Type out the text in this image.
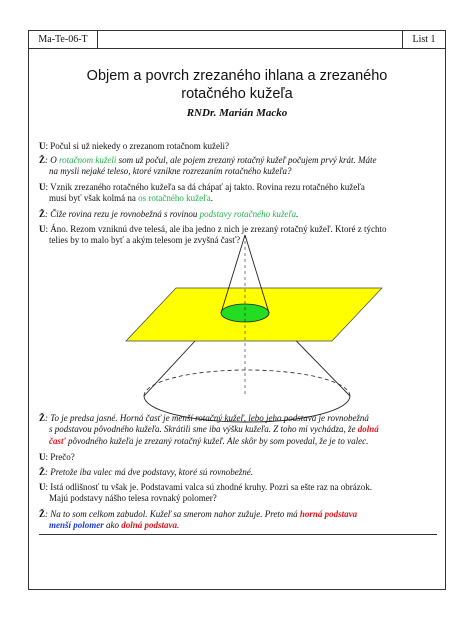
Ma-Te-06-T	List 1
Objem a povrch zrezaného ihlana a zrezaného
rotačného kužeľa
RNDr. Marián Macko
U: Počul si už niekedy o zrezanom rotačnom kuželi?
Ž: O rotačnom kuželi som už počul, ale pojem zrezaný rotačný kužeľ počujem prvý krát. Máte
na mysli nejaké teleso, ktoré vznikne rozrezaním rotačného kužeľa?
U: Vznik zrezaného rotačného kužeľa sa dá chápať aj takto. Rovina rezu rotačného kužeľa
musí byť však kolmá na os rotačného kužeľa.
Ž: Čiže rovina rezu je rovnobežná s rovinou podstavy rotačného kužeľa.
U: Áno. Rezom vzniknú dve telesá, ale iba jedno z nich je zrezaný rotačný kužeľ. Ktoré z týchto
telies by to malo byť a akým telesom je zvyšná časť?
Ž: To je predsa jasné. Horná časť je menší rotačný kužeľ, lebo jeho podstava je rovnobežná
s podstavou pôvodného kužeľa. Skrátili sme iba výšku kužeľa. Z toho mi vychádza, že dolná
časť pôvodného kužeľa je zrezaný rotačný kužeľ. Ale skôr by som povedal, že je to valec.
U: Prečo?
Ž: Pretože iba valec má dve podstavy, ktoré sú rovnobežné.
U: Istá odlišnosť tu však je. Podstavami valca sú zhodné kruhy. Pozri sa ešte raz na obrázok.
Majú podstavy nášho telesa rovnaký polomer?
Ž: Na to som celkom zabudol. Kužeľ sa smerom nahor zužuje. Preto má horná podstava
menší polomer ako dolná podstava.
